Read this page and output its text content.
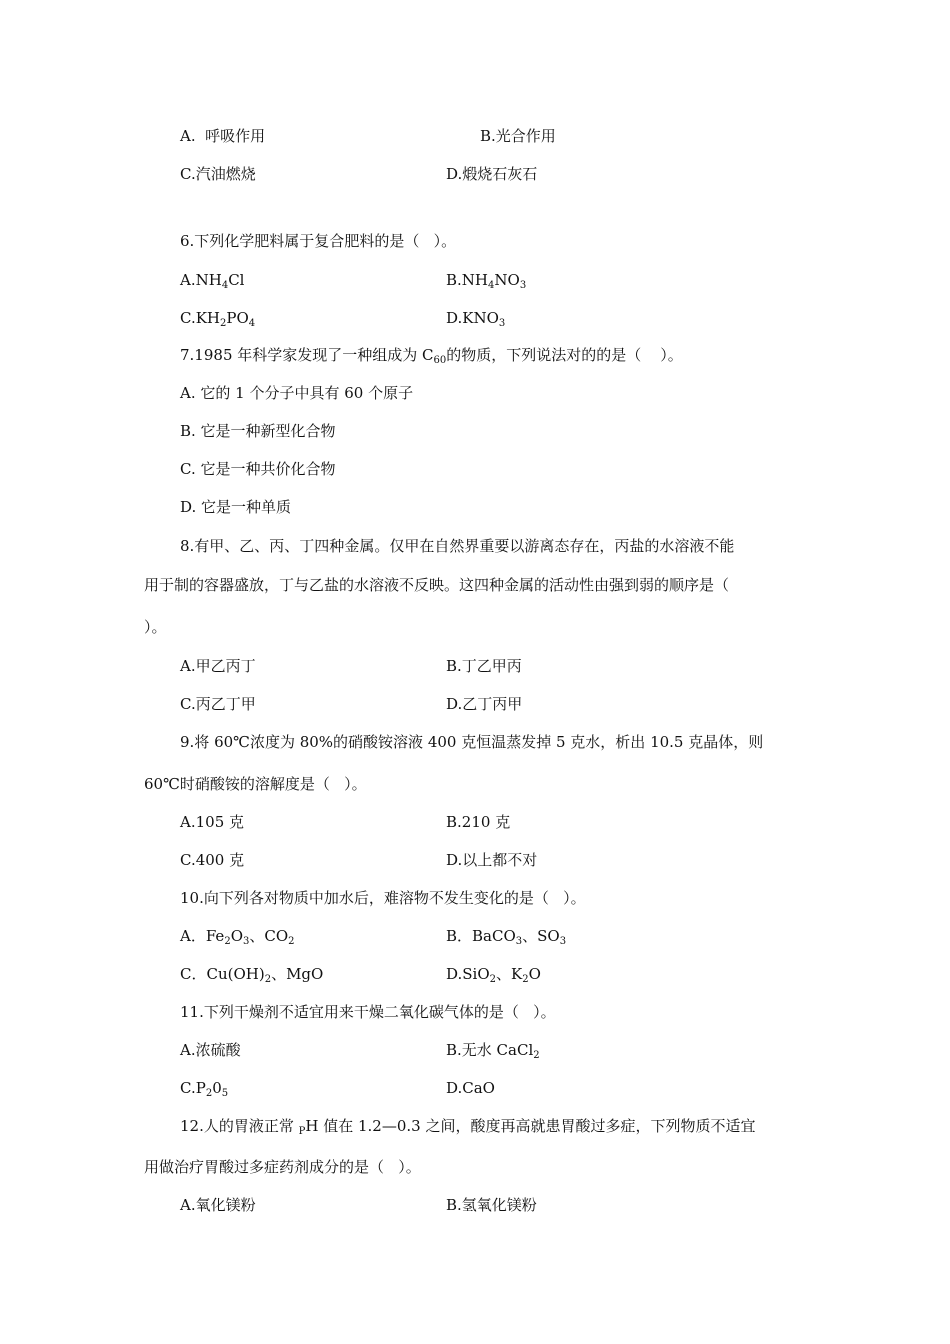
A.  呼吸作用	B.光合作用
C.汽油燃烧	D.煅烧石灰石
6.下列化学肥料属于复合肥料的是（   ）。
$A.NH_4Cl$	$B.NH_4NO_3$
$C.KH_2PO_4$	$D.KNO_3$
7.1985 年科学家发现了一种组成为 $C_{60}$的物质，下列说法对的的是（    ）。
A. 它的 1 个分子中具有 60 个原子
B. 它是一种新型化合物
C. 它是一种共价化合物
D. 它是一种单质
8.有甲、乙、丙、丁四种金属。仅甲在自然界重要以游离态存在，丙盐的水溶液不能
用于制的容器盛放，丁与乙盐的水溶液不反映。这四种金属的活动性由强到弱的顺序是（
）。
A.甲乙丙丁	B.丁乙甲丙
C.丙乙丁甲	D.乙丁丙甲
9.将 60℃浓度为 80%的硝酸铵溶液 400 克恒温蒸发掉 5 克水，析出 10.5 克晶体，则
60℃时硝酸铵的溶解度是（   ）。
A.105 克	B.210 克
C.400 克	D.以上都不对
10.向下列各对物质中加水后，难溶物不发生变化的是（   ）。
A．$Fe_2O_3$、$CO_2$	B．BaCO$_3$、$SO_3$
C．$Cu(OH)_2$、MgO	D.SiO$_2$、$K_2O$
11.下列干燥剂不适宜用来干燥二氧化碳气体的是（   ）。
A.浓硫酸	B.无水 CaCl$_2$
$C.P_20_5$	D.CaO
12.人的胃液正常 $_P$H 值在 1.2—0.3 之间，酸度再高就患胃酸过多症，下列物质不适宜
用做治疗胃酸过多症药剂成分的是（   ）。
A.氧化镁粉	B.氢氧化镁粉
